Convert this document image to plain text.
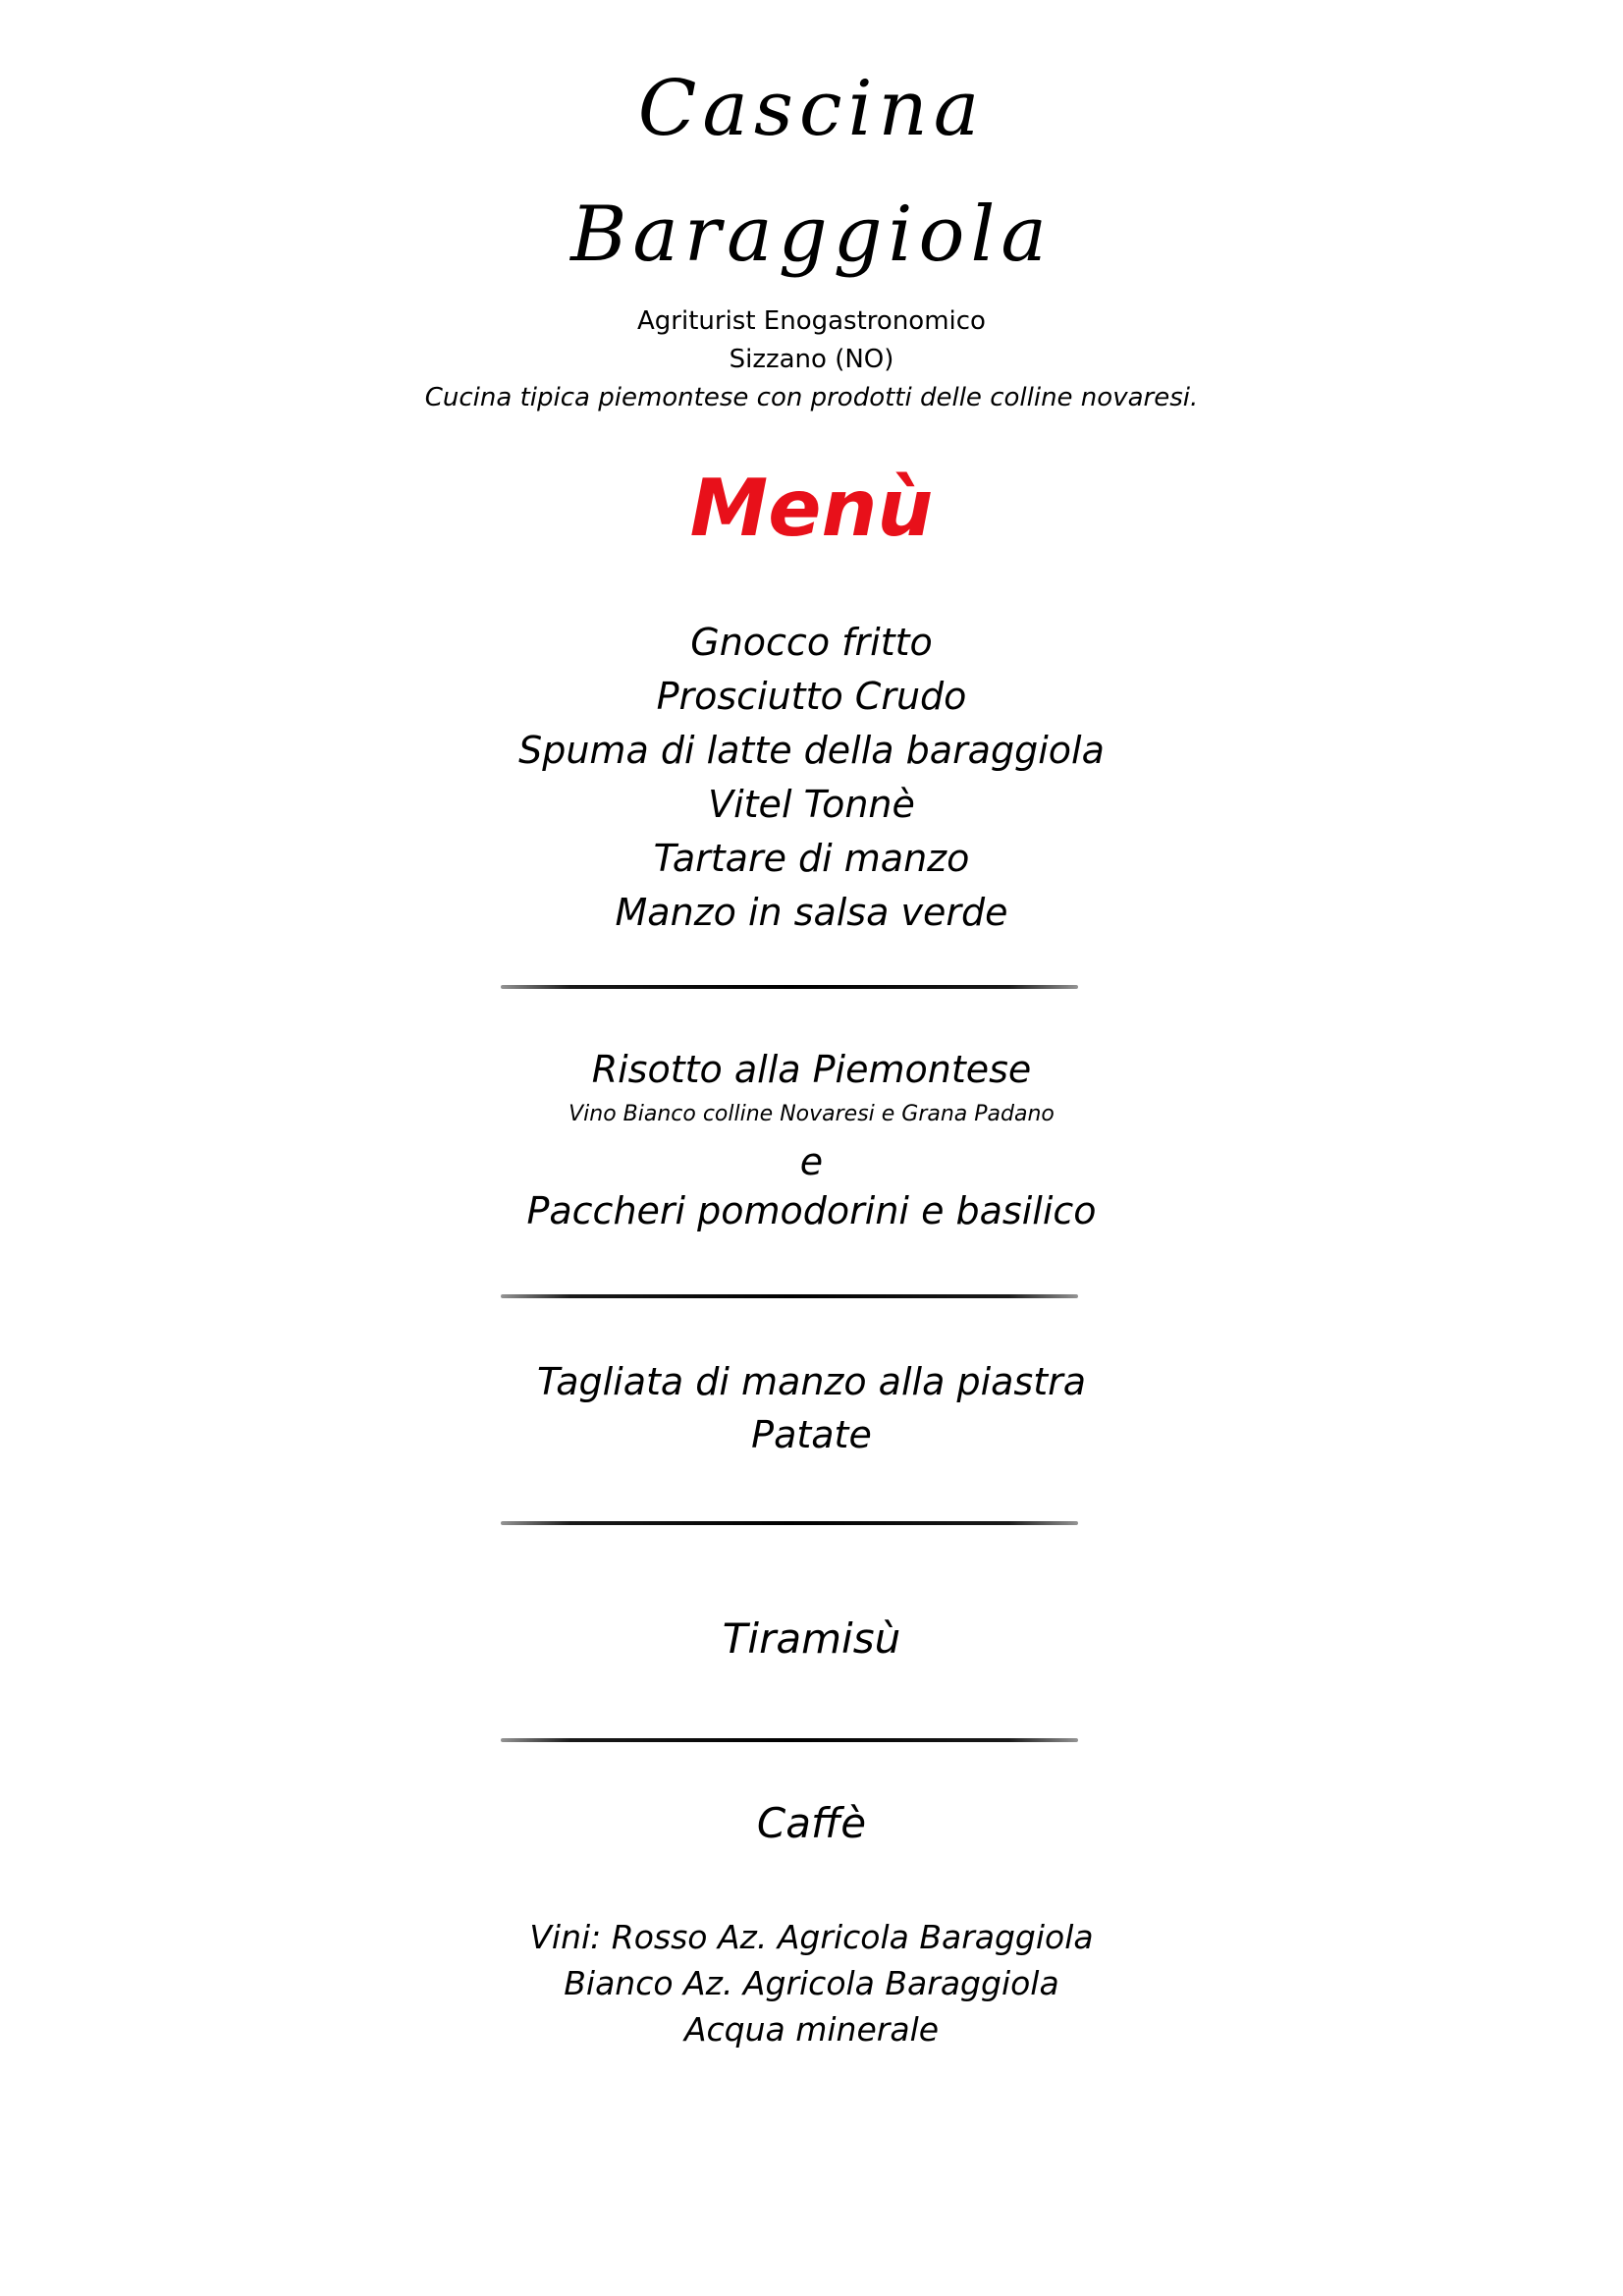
Cascina
Baraggiola
Agriturist Enogastronomico
Sizzano (NO)
Cucina tipica piemontese con prodotti delle colline novaresi.
Menù
Gnocco fritto
Prosciutto Crudo
Spuma di latte della baraggiola
Vitel Tonnè
Tartare di manzo
Manzo in salsa verde
Risotto alla Piemontese
Vino Bianco colline Novaresi e Grana Padano
e
Paccheri pomodorini e basilico
Tagliata di manzo alla piastra
Patate
Tiramisù
Caffè
Vini: Rosso Az. Agricola Baraggiola
Bianco Az. Agricola Baraggiola
Acqua minerale
